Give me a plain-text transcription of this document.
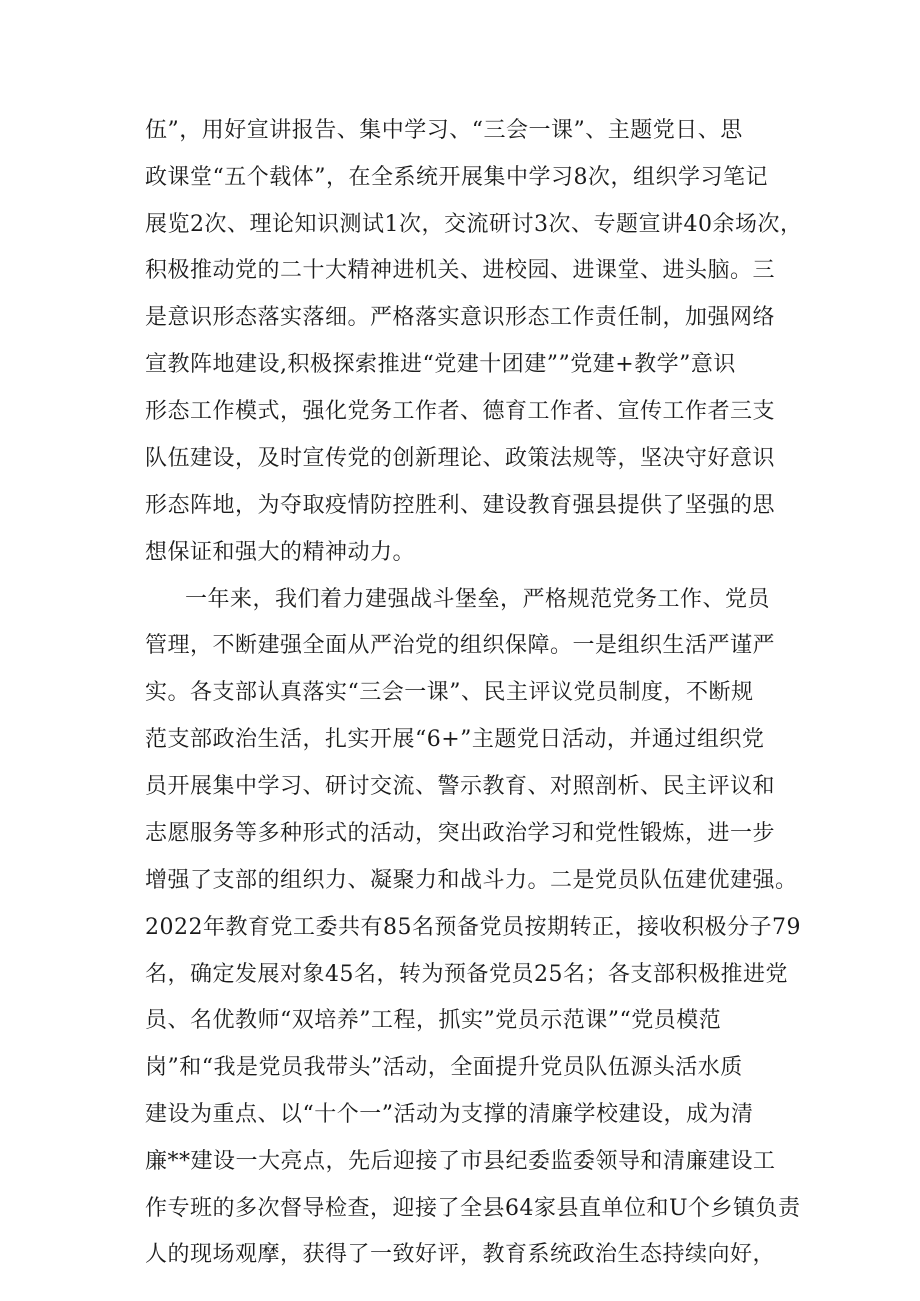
伍”，用好宣讲报告、集中学习、“三会一课”、主题党日、思
政课堂“五个载体”，在全系统开展集中学习8次，组织学习笔记
展览2次、理论知识测试1次，交流研讨3次、专题宣讲40余场次，
积极推动党的二十大精神进机关、进校园、进课堂、进头脑。三
是意识形态落实落细。严格落实意识形态工作责任制，加强网络
宣教阵地建设,积极探索推进“党建十团建””党建+教学”意识
形态工作模式，强化党务工作者、德育工作者、宣传工作者三支
队伍建设，及时宣传党的创新理论、政策法规等，坚决守好意识
形态阵地，为夺取疫情防控胜利、建设教育强县提供了坚强的思
想保证和强大的精神动力。
一年来，我们着力建强战斗堡垒，严格规范党务工作、党员
管理，不断建强全面从严治党的组织保障。一是组织生活严谨严
实。各支部认真落实“三会一课”、民主评议党员制度，不断规
范支部政治生活，扎实开展“6+”主题党日活动，并通过组织党
员开展集中学习、研讨交流、警示教育、对照剖析、民主评议和
志愿服务等多种形式的活动，突出政治学习和党性锻炼，进一步
增强了支部的组织力、凝聚力和战斗力。二是党员队伍建优建强。
2022年教育党工委共有85名预备党员按期转正，接收积极分子79
名，确定发展对象45名，转为预备党员25名；各支部积极推进党
员、名优教师“双培养”工程，抓实”党员示范课”“党员模范
岗”和“我是党员我带头”活动，全面提升党员队伍源头活水质
建设为重点、以“十个一”活动为支撑的清廉学校建设，成为清
廉**建设一大亮点，先后迎接了市县纪委监委领导和清廉建设工
作专班的多次督导检查，迎接了全县64家县直单位和U个乡镇负责
人的现场观摩，获得了一致好评，教育系统政治生态持续向好，
